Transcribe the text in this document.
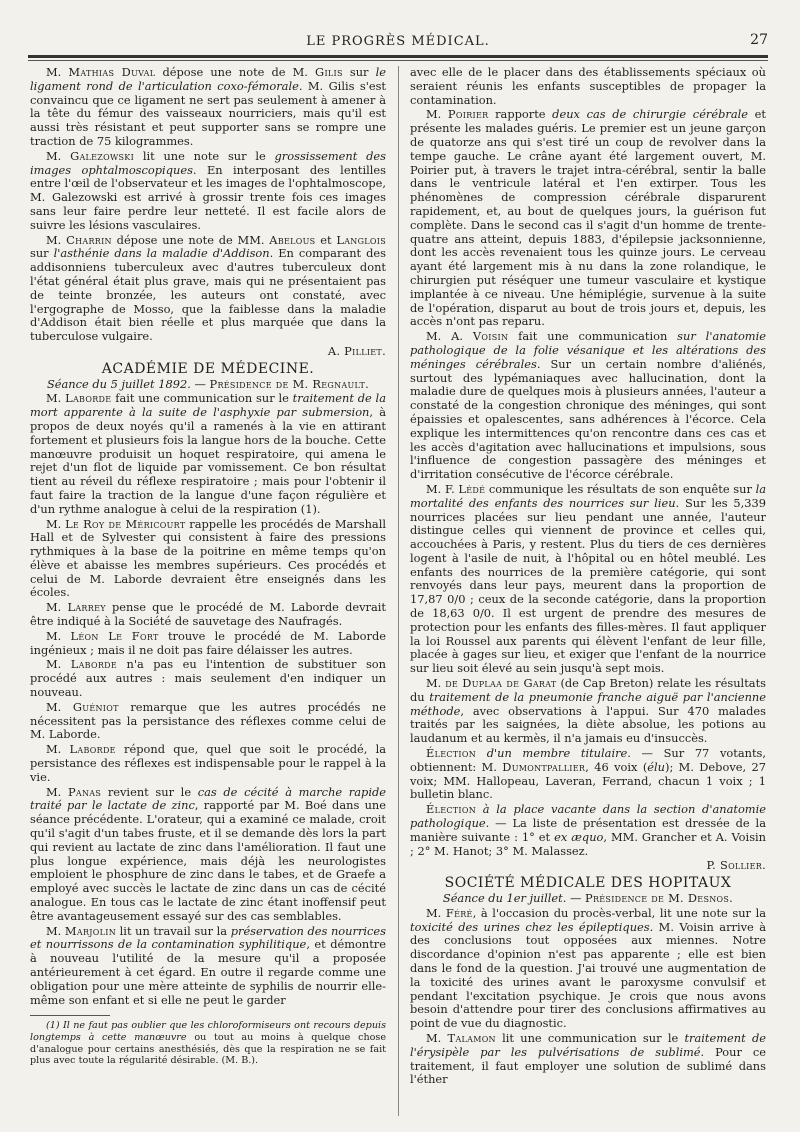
LE PROGRÈS MÉDICAL.	27

M. Mathias Duval dépose une note de M. Gilis sur le ligament rond de l'articulation coxo-fémorale. M. Gilis s'est convaincu que ce ligament ne sert pas seulement à amener à la tête du fémur des vaisseaux nourriciers, mais qu'il est aussi très résistant et peut supporter sans se rompre une traction de 75 kilogrammes.

M. Galezowski lit une note sur le grossissement des images ophtalmoscopiques. En interposant des lentilles entre l'œil de l'observateur et les images de l'ophtalmoscope, M. Galezowski est arrivé à grossir trente fois ces images sans leur faire perdre leur netteté. Il est facile alors de suivre les lésions vasculaires.

M. Charrin dépose une note de MM. Abelous et Langlois sur l'asthénie dans la maladie d'Addison. En comparant des addisonniens tuberculeux avec d'autres tuberculeux dont l'état général était plus grave, mais qui ne présentaient pas de teinte bronzée, les auteurs ont constaté, avec l'ergographe de Mosso, que la faiblesse dans la maladie d'Addison était bien réelle et plus marquée que dans la tuberculose vulgaire.

A. Pilliet.

ACADÉMIE DE MÉDECINE.

Séance du 5 juillet 1892. — Présidence de M. Regnault.

M. Laborde fait une communication sur le traitement de la mort apparente à la suite de l'asphyxie par submersion, à propos de deux noyés qu'il a ramenés à la vie en attirant fortement et plusieurs fois la langue hors de la bouche. Cette manœuvre produisit un hoquet respiratoire, qui amena le rejet d'un flot de liquide par vomissement. Ce bon résultat tient au réveil du réflexe respiratoire ; mais pour l'obtenir il faut faire la traction de la langue d'une façon régulière et d'un rythme analogue à celui de la respiration (1).

M. Le Roy de Méricourt rappelle les procédés de Marshall Hall et de Sylvester qui consistent à faire des pressions rythmiques à la base de la poitrine en même temps qu'on élève et abaisse les membres supérieurs. Ces procédés et celui de M. Laborde devraient être enseignés dans les écoles.

M. Larrey pense que le procédé de M. Laborde devrait être indiqué à la Société de sauvetage des Naufragés.

M. Léon Le Fort trouve le procédé de M. Laborde ingénieux ; mais il ne doit pas faire délaisser les autres.

M. Laborde n'a pas eu l'intention de substituer son procédé aux autres : mais seulement d'en indiquer un nouveau.

M. Guéniot remarque que les autres procédés ne nécessitent pas la persistance des réflexes comme celui de M. Laborde.

M. Laborde répond que, quel que soit le procédé, la persistance des réflexes est indispensable pour le rappel à la vie.

M. Panas revient sur le cas de cécité à marche rapide traité par le lactate de zinc, rapporté par M. Boé dans une séance précédente. L'orateur, qui a examiné ce malade, croit qu'il s'agit d'un tabes fruste, et il se demande dès lors la part qui revient au lactate de zinc dans l'amélioration. Il faut une plus longue expérience, mais déjà les neurologistes emploient le phosphure de zinc dans le tabes, et de Graefe a employé avec succès le lactate de zinc dans un cas de cécité analogue. En tous cas le lactate de zinc étant inoffensif peut être avantageusement essayé sur des cas semblables.

M. Marjolin lit un travail sur la préservation des nourrices et nourrissons de la contamination syphilitique, et démontre à nouveau l'utilité de la mesure qu'il a proposée antérieurement à cet égard. En outre il regarde comme une obligation pour une mère atteinte de syphilis de nourrir elle-même son enfant et si elle ne peut le garder

(1) Il ne faut pas oublier que les chloroformiseurs ont recours depuis longtemps à cette manœuvre ou tout au moins à quelque chose d'analogue pour certains anesthésiés, dès que la respiration ne se fait plus avec toute la régularité désirable. (M. B.).

avec elle de le placer dans des établissements spéciaux où seraient réunis les enfants susceptibles de propager la contamination.

M. Poirier rapporte deux cas de chirurgie cérébrale et présente les malades guéris. Le premier est un jeune garçon de quatorze ans qui s'est tiré un coup de revolver dans la tempe gauche. Le crâne ayant été largement ouvert, M. Poirier put, à travers le trajet intra-cérébral, sentir la balle dans le ventricule latéral et l'en extirper. Tous les phénomènes de compression cérébrale disparurent rapidement, et, au bout de quelques jours, la guérison fut complète. Dans le second cas il s'agit d'un homme de trente-quatre ans atteint, depuis 1883, d'épilepsie jacksonnienne, dont les accès revenaient tous les quinze jours. Le cerveau ayant été largement mis à nu dans la zone rolandique, le chirurgien put réséquer une tumeur vasculaire et kystique implantée à ce niveau. Une hémiplégie, survenue à la suite de l'opération, disparut au bout de trois jours et, depuis, les accès n'ont pas reparu.

M. A. Voisin fait une communication sur l'anatomie pathologique de la folie vésanique et les altérations des méninges cérébrales. Sur un certain nombre d'aliénés, surtout des lypémaniaques avec hallucination, dont la maladie dure de quelques mois à plusieurs années, l'auteur a constaté de la congestion chronique des méninges, qui sont épaissies et opalescentes, sans adhérences à l'écorce. Cela explique les intermittences qu'on rencontre dans ces cas et les accès d'agitation avec hallucinations et impulsions, sous l'influence de congestion passagère des méninges et d'irritation consécutive de l'écorce cérébrale.

M. F. Lédé communique les résultats de son enquête sur la mortalité des enfants des nourrices sur lieu. Sur les 5,339 nourrices placées sur lieu pendant une année, l'auteur distingue celles qui viennent de province et celles qui, accouchées à Paris, y restent. Plus du tiers de ces dernières logent à l'asile de nuit, à l'hôpital ou en hôtel meublé. Les enfants des nourrices de la première catégorie, qui sont renvoyés dans leur pays, meurent dans la proportion de 17,87 0/0 ; ceux de la seconde catégorie, dans la proportion de 18,63 0/0. Il est urgent de prendre des mesures de protection pour les enfants des filles-mères. Il faut appliquer la loi Roussel aux parents qui élèvent l'enfant de leur fille, placée à gages sur lieu, et exiger que l'enfant de la nourrice sur lieu soit élevé au sein jusqu'à sept mois.

M. de Duplaa de Garat (de Cap Breton) relate les résultats du traitement de la pneumonie franche aiguë par l'ancienne méthode, avec observations à l'appui. Sur 470 malades traités par les saignées, la diète absolue, les potions au laudanum et au kermès, il n'a jamais eu d'insuccès.

Élection d'un membre titulaire. — Sur 77 votants, obtiennent: M. Dumontpallier, 46 voix (élu); M. Debove, 27 voix; MM. Hallopeau, Laveran, Ferrand, chacun 1 voix ; 1 bulletin blanc.

Élection à la place vacante dans la section d'anatomie pathologique. — La liste de présentation est dressée de la manière suivante : 1° et ex æquo, MM. Grancher et A. Voisin ; 2° M. Hanot; 3° M. Malassez.

P. Sollier.

SOCIÉTÉ MÉDICALE DES HOPITAUX

Séance du 1er juillet. — Présidence de M. Desnos.

M. Féré, à l'occasion du procès-verbal, lit une note sur la toxicité des urines chez les épileptiques. M. Voisin arrive à des conclusions tout opposées aux miennes. Notre discordance d'opinion n'est pas apparente ; elle est bien dans le fond de la question. J'ai trouvé une augmentation de la toxicité des urines avant le paroxysme convulsif et pendant l'excitation psychique. Je crois que nous avons besoin d'attendre pour tirer des conclusions affirmatives au point de vue du diagnostic.

M. Talamon lit une communication sur le traitement de l'érysipèle par les pulvérisations de sublimé. Pour ce traitement, il faut employer une solution de sublimé dans l'éther
